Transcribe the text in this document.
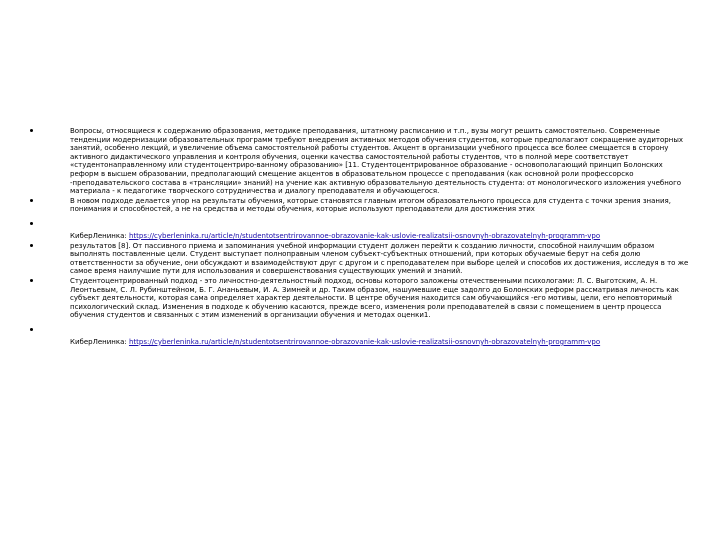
Вопросы, относящиеся к содержанию образования, методике преподавания, штатному расписанию и т.п., вузы могут решить самостоятельно. Современные тенденции модернизации образовательных программ требуют внедрения активных методов обучения студентов, которые предполагают сокращение аудиторных занятий, особенно лекций, и увеличение объема самостоятельной работы студентов. Акцент в организации учебного процесса все более смещается в сторону активного дидактического управления и контроля обучения, оценки качества самостоятельной работы студентов, что в полной мере соответствует «студентонаправленному или студентоцентриро-ванному образованию» [11. Студентоцентрированное образование - основополагающий принцип Болонских реформ в высшем образовании, предполагающий смещение акцентов в образовательном процессе с преподавания (как основной роли профессорско -преподавательского состава в «трансляции» знаний) на учение как активную образовательную деятельность студента: от монологического изложения учебного материала - к педагогике творческого сотрудничества и диалогу преподавателя и обучающегося.

В новом подходе делается упор на результаты обучения, которые становятся главным итогом образовательного процесса для студента с точки зрения знания, понимания и способностей, а не на средства и методы обучения, которые используют преподаватели для достижения этих

КиберЛенинка: https://cyberleninka.ru/article/n/studentotsentrirovannoe-obrazovanie-kak-uslovie-realizatsii-osnovnyh-obrazovatelnyh-programm-vpo

результатов [8]. От пассивного приема и запоминания учебной информации студент должен перейти к созданию личности, способной наилучшим образом выполнять поставленные цели. Студент выступает полноправным членом субъект-субъектных отношений, при которых обучаемые берут на себя долю ответственности за обучение, они обсуждают и взаимодействуют друг с другом и с преподавателем при выборе целей и способов их достижения, исследуя в то же самое время наилучшие пути для использования и совершенствования существующих умений и знаний.

Студентоцентрированный подход - это личностно-деятельностный подход, основы которого заложены отечественными психологами: Л. С. Выготским, А. Н. Леонтьевым, С. Л. Рубинштейном, Б. Г. Ананьевым, И. А. Зимней и др. Таким образом, нашумевшие еще задолго до Болонских реформ рассматривая личность как субъект деятельности, которая сама определяет характер деятельности. В центре обучения находится сам обучающийся -его мотивы, цели, его неповторимый психологический склад. Изменения в подходе к обучению касаются, прежде всего, изменения роли преподавателей в связи с помещением в центр процесса обучения студентов и связанных с этим изменений в организации обучения и методах оценки1.

КиберЛенинка: https://cyberleninka.ru/article/n/studentotsentrirovannoe-obrazovanie-kak-uslovie-realizatsii-osnovnyh-obrazovatelnyh-programm-vpo
